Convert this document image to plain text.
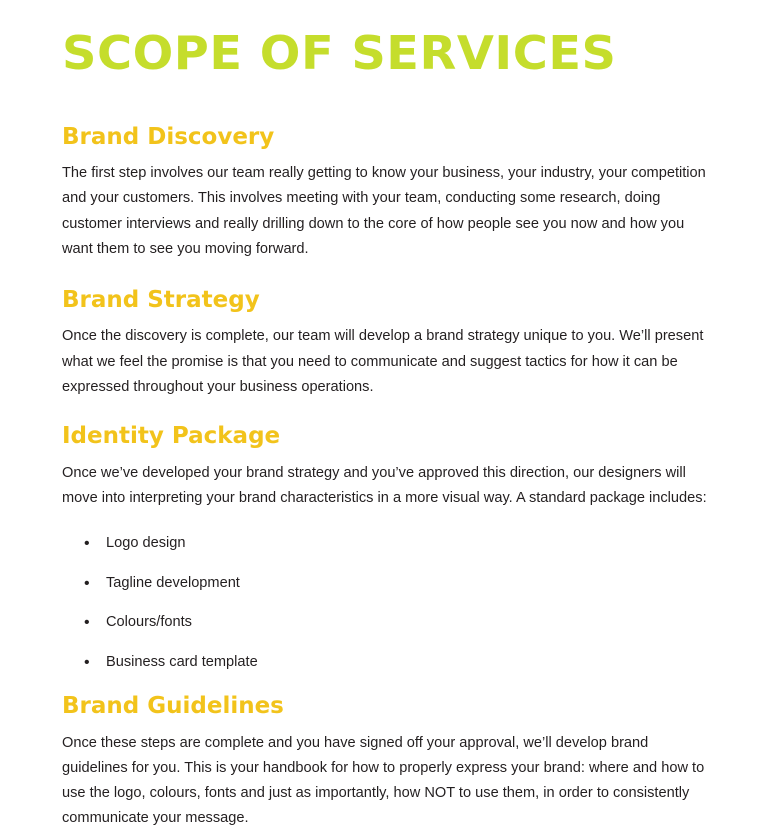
SCOPE OF SERVICES
Brand Discovery

The first step involves our team really getting to know your business, your industry, your competition and your customers. This involves meeting with your team, conducting some research, doing customer interviews and really drilling down to the core of how people see you now and how you want them to see you moving forward.

Brand Strategy

Once the discovery is complete, our team will develop a brand strategy unique to you. We’ll present what we feel the promise is that you need to communicate and suggest tactics for how it can be expressed throughout your business operations.

Identity Package

Once we’ve developed your brand strategy and you’ve approved this direction, our designers will move into interpreting your brand characteristics in a more visual way. A standard package includes:

• Logo design
• Tagline development
• Colours/fonts
• Business card template
Brand Guidelines

Once these steps are complete and you have signed off your approval, we’ll develop brand guidelines for you. This is your handbook for how to properly express your brand: where and how to use the logo, colours, fonts and just as importantly, how NOT to use them, in order to consistently communicate your message.
